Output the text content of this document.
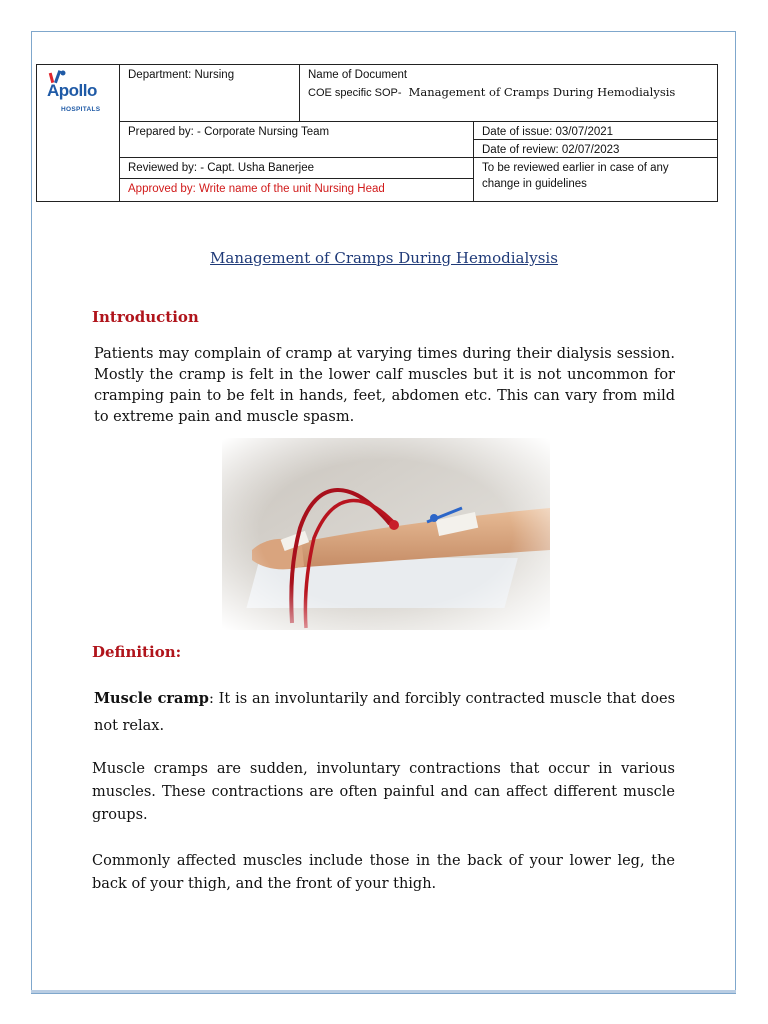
Apollo
HOSPITALS
Department: Nursing	Name of Document
COE specific SOP- Management of Cramps During Hemodialysis
Prepared by: - Corporate Nursing Team	Date of issue: 03/07/2021
Date of review: 02/07/2023
Reviewed by: - Capt. Usha Banerjee
Approved by: Write name of the unit Nursing Head
To be reviewed earlier in case of any change in guidelines
Management of Cramps During Hemodialysis
Introduction
Patients may complain of cramp at varying times during their dialysis session. Mostly the cramp is felt in the lower calf muscles but it is not uncommon for cramping pain to be felt in hands, feet, abdomen etc. This can vary from mild to extreme pain and muscle spasm.
Definition:
Muscle cramp: It is an involuntarily and forcibly contracted muscle that does not relax.
Muscle cramps are sudden, involuntary contractions that occur in various muscles. These contractions are often painful and can affect different muscle groups.
Commonly affected muscles include those in the back of your lower leg, the back of your thigh, and the front of your thigh.
